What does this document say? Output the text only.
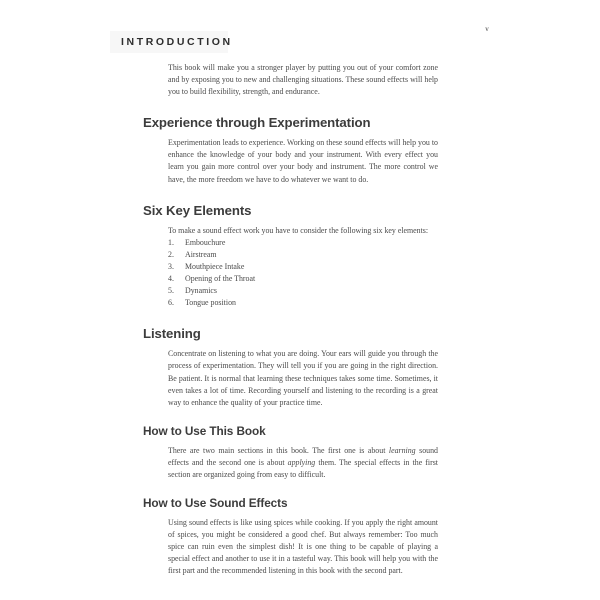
v
INTRODUCTION

This book will make you a stronger player by putting you out of your comfort zone and by exposing you to new and challenging situations. These sound effects will help you to build flexibility, strength, and endurance.

Experience through Experimentation

Experimentation leads to experience. Working on these sound effects will help you to enhance the knowledge of your body and your instrument. With every effect you learn you gain more control over your body and instrument. The more control we have, the more freedom we have to do whatever we want to do.

Six Key Elements

To make a sound effect work you have to consider the following six key elements:

1.	Embouchure
2.	Airstream
3.	Mouthpiece Intake
4.	Opening of the Throat
5.	Dynamics
6.	Tongue position
Listening

Concentrate on listening to what you are doing. Your ears will guide you through the process of experimentation. They will tell you if you are going in the right direction. Be patient. It is normal that learning these techniques takes some time. Sometimes, it even takes a lot of time. Recording yourself and listening to the recording is a great way to enhance the quality of your practice time.

How to Use This Book

There are two main sections in this book. The first one is about learning sound effects and the second one is about applying them. The special effects in the first section are organized going from easy to difficult.

How to Use Sound Effects

Using sound effects is like using spices while cooking. If you apply the right amount of spices, you might be considered a good chef. But always remember: Too much spice can ruin even the simplest dish! It is one thing to be capable of playing a special effect and another to use it in a tasteful way. This book will help you with the first part and the recommended listening in this book with the second part.
